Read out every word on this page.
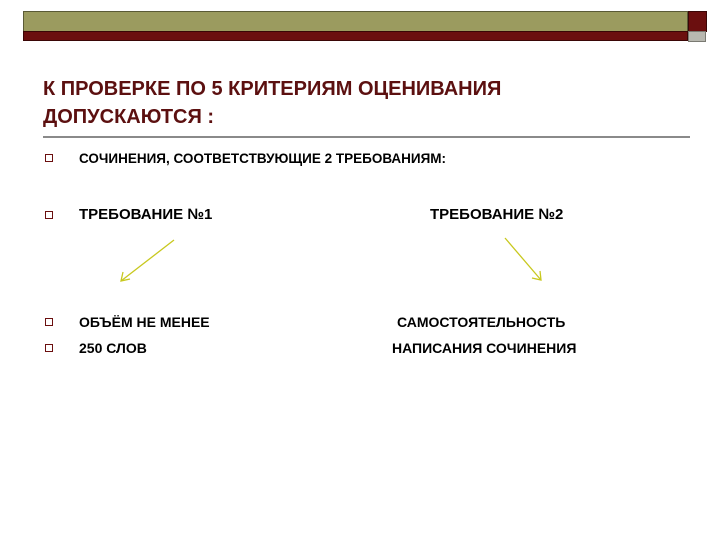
К ПРОВЕРКЕ ПО 5 КРИТЕРИЯМ ОЦЕНИВАНИЯ
ДОПУСКАЮТСЯ :
СОЧИНЕНИЯ, СООТВЕТСТВУЮЩИЕ 2 ТРЕБОВАНИЯМ:
ТРЕБОВАНИЕ №1	ТРЕБОВАНИЕ №2
ОБЪЁМ НЕ МЕНЕЕ	САМОСТОЯТЕЛЬНОСТЬ
250 СЛОВ	НАПИСАНИЯ СОЧИНЕНИЯ
